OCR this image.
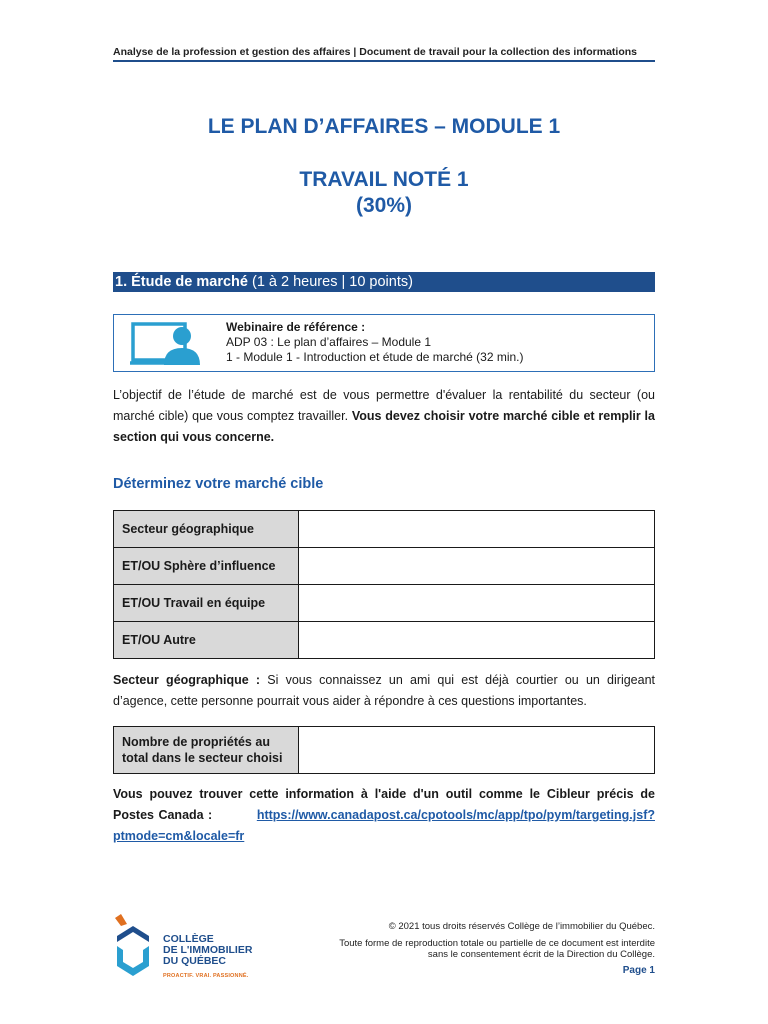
Analyse de la profession et gestion des affaires | Document de travail pour la collection des informations
LE PLAN D’AFFAIRES – MODULE 1
TRAVAIL NOTÉ 1
(30%)
1. Étude de marché (1 à 2 heures | 10 points)
Webinaire de référence :
ADP 03 : Le plan d’affaires – Module 1
1 - Module 1 - Introduction et étude de marché (32 min.)
L’objectif de l’étude de marché est de vous permettre d'évaluer la rentabilité du secteur (ou marché cible) que vous comptez travailler. Vous devez choisir votre marché cible et remplir la section qui vous concerne.
Déterminez votre marché cible
Secteur géographique	
ET/OU Sphère d’influence	
ET/OU Travail en équipe	
ET/OU Autre	
Secteur géographique : Si vous connaissez un ami qui est déjà courtier ou un dirigeant d’agence, cette personne pourrait vous aider à répondre à ces questions importantes.
Nombre de propriétés au total dans le secteur choisi	
Vous pouvez trouver cette information à l'aide d'un outil comme le Cibleur précis de Postes Canada :	https://www.canadapost.ca/cpotools/mc/app/tpo/pym/targeting.jsf?ptmode=cm&locale=fr
COLLÈGE
DE L'IMMOBILIER
DU QUÉBEC
PROACTIF. VRAI. PASSIONNÉ.
© 2021 tous droits réservés Collège de l’immobilier du Québec.
Toute forme de reproduction totale ou partielle de ce document est interdite
sans le consentement écrit de la Direction du Collège.
Page 1
